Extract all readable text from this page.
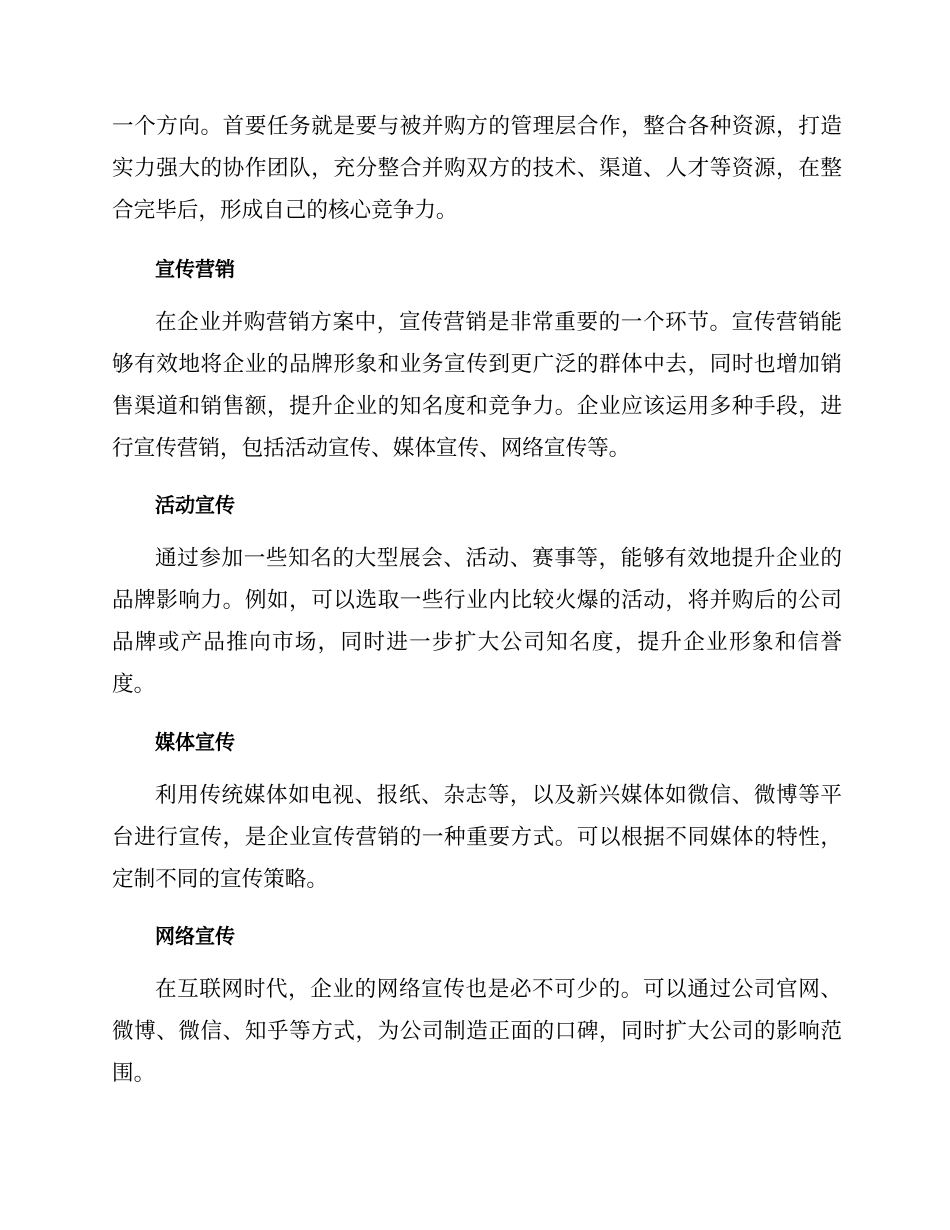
一个方向。首要任务就是要与被并购方的管理层合作，整合各种资源，打造
实力强大的协作团队，充分整合并购双方的技术、渠道、人才等资源，在整
合完毕后，形成自己的核心竞争力。
宣传营销
在企业并购营销方案中，宣传营销是非常重要的一个环节。宣传营销能
够有效地将企业的品牌形象和业务宣传到更广泛的群体中去，同时也增加销
售渠道和销售额，提升企业的知名度和竞争力。企业应该运用多种手段，进
行宣传营销，包括活动宣传、媒体宣传、网络宣传等。
活动宣传
通过参加一些知名的大型展会、活动、赛事等，能够有效地提升企业的
品牌影响力。例如，可以选取一些行业内比较火爆的活动，将并购后的公司
品牌或产品推向市场，同时进一步扩大公司知名度，提升企业形象和信誉
度。
媒体宣传
利用传统媒体如电视、报纸、杂志等，以及新兴媒体如微信、微博等平
台进行宣传，是企业宣传营销的一种重要方式。可以根据不同媒体的特性，
定制不同的宣传策略。
网络宣传
在互联网时代，企业的网络宣传也是必不可少的。可以通过公司官网、
微博、微信、知乎等方式，为公司制造正面的口碑，同时扩大公司的影响范
围。
